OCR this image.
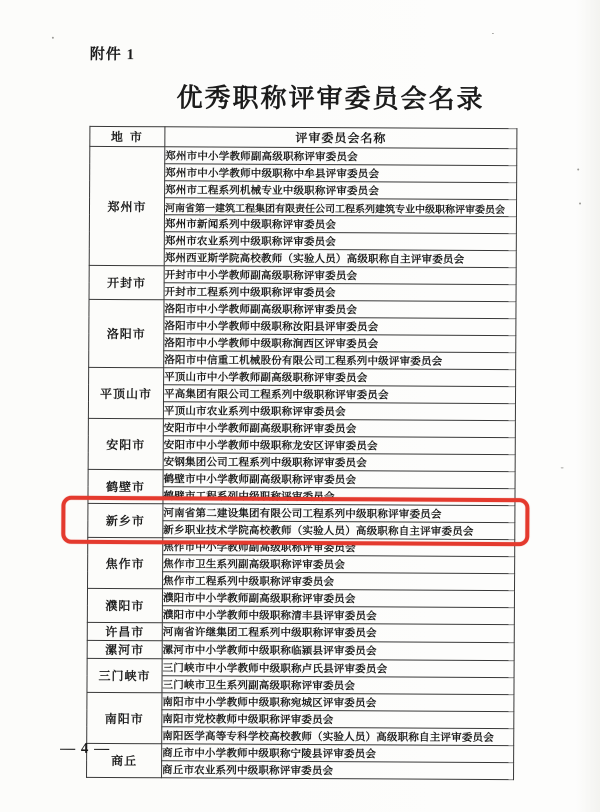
附件 1
优秀职称评审委员会名录
地 市	评审委员会名称
郑州市	郑州市中小学教师副高级职称评审委员会
	郑州市中小学教师中级职称中牟县评审委员会
	郑州市工程系列机械专业中级职称评审委员会
	河南省第一建筑工程集团有限责任公司工程系列建筑专业中级职称评审委员会
	郑州市新闻系列中级职称评审委员会
	郑州市农业系列中级职称评审委员会
	郑州西亚斯学院高校教师（实验人员）高级职称自主评审委员会
开封市	开封市中小学教师副高级职称评审委员会
	开封市工程系列中级职称评审委员会
洛阳市	洛阳市中小学教师副高级职称评审委员会
	洛阳市中小学教师中级职称汝阳县评审委员会
	洛阳市中小学教师中级职称涧西区评审委员会
	洛阳市中信重工机械股份有限公司工程系列中级评审委员会
平顶山市	平顶山市中小学教师副高级职称评审委员会
	平高集团有限公司工程系列中级职称评审委员会
	平顶山市农业系列中级职称评审委员会
安阳市	安阳市中小学教师副高级职称评审委员会
	安阳市中小学教师中级职称龙安区评审委员会
	安钢集团公司工程系列中级职称评审委员会
鹤壁市	鹤壁市中小学教师副高级职称评审委员会
	鹤壁市工程系列中级职称评审委员会
新乡市	河南省第二建设集团有限公司工程系列中级职称评审委员会
	新乡职业技术学院高校教师（实验人员）高级职称自主评审委员会
焦作市	焦作市中小学教师副高级职称评审委员会
	焦作市卫生系列副高级职称评审委员会
	焦作市工程系列中级职称评审委员会
濮阳市	濮阳市中小学教师副高级职称评审委员会
	濮阳市中小学教师中级职称清丰县评审委员会
许昌市	河南省许继集团工程系列中级职称评审委员会
漯河市	漯河市中小学教师中级职称临颍县评审委员会
三门峡市	三门峡市中小学教师中级职称卢氏县评审委员会
	三门峡市卫生系列副高级职称评审委员会
南阳市	南阳市中小学教师中级职称宛城区评审委员会
	南阳市党校教师中级职称评审委员会
	南阳医学高等专科学校高校教师（实验人员）高级职称自主评审委员会
商丘	商丘市中小学教师中级职称宁陵县评审委员会
	商丘市农业系列中级职称评审委员会
— 4 —
